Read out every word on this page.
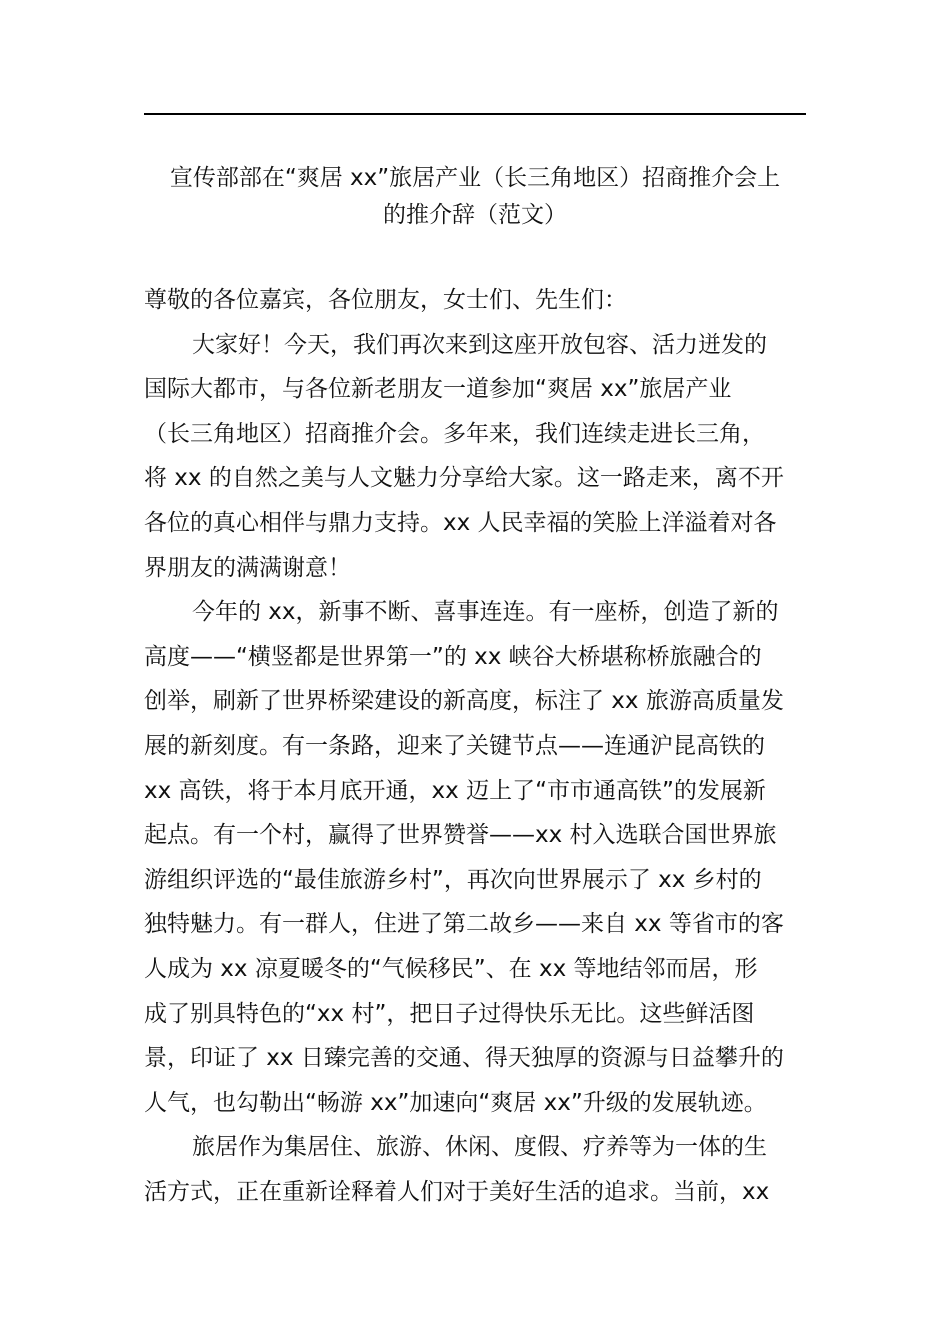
宣传部部在“爽居 xx”旅居产业（长三角地区）招商推介会上
的推介辞（范文）
尊敬的各位嘉宾，各位朋友，女士们、先生们：
大家好！今天，我们再次来到这座开放包容、活力迸发的
国际大都市，与各位新老朋友一道参加“爽居 xx”旅居产业
（长三角地区）招商推介会。多年来，我们连续走进长三角，
将 xx 的自然之美与人文魅力分享给大家。这一路走来，离不开
各位的真心相伴与鼎力支持。xx 人民幸福的笑脸上洋溢着对各
界朋友的满满谢意！
今年的 xx，新事不断、喜事连连。有一座桥，创造了新的
高度——“横竖都是世界第一”的 xx 峡谷大桥堪称桥旅融合的
创举，刷新了世界桥梁建设的新高度，标注了 xx 旅游高质量发
展的新刻度。有一条路，迎来了关键节点——连通沪昆高铁的
xx 高铁，将于本月底开通，xx 迈上了“市市通高铁”的发展新
起点。有一个村，赢得了世界赞誉——xx 村入选联合国世界旅
游组织评选的“最佳旅游乡村”，再次向世界展示了 xx 乡村的
独特魅力。有一群人，住进了第二故乡——来自 xx 等省市的客
人成为 xx 凉夏暖冬的“气候移民”、在 xx 等地结邻而居，形
成了别具特色的“xx 村”，把日子过得快乐无比。这些鲜活图
景，印证了 xx 日臻完善的交通、得天独厚的资源与日益攀升的
人气，也勾勒出“畅游 xx”加速向“爽居 xx”升级的发展轨迹。
旅居作为集居住、旅游、休闲、度假、疗养等为一体的生
活方式，正在重新诠释着人们对于美好生活的追求。当前，xx
